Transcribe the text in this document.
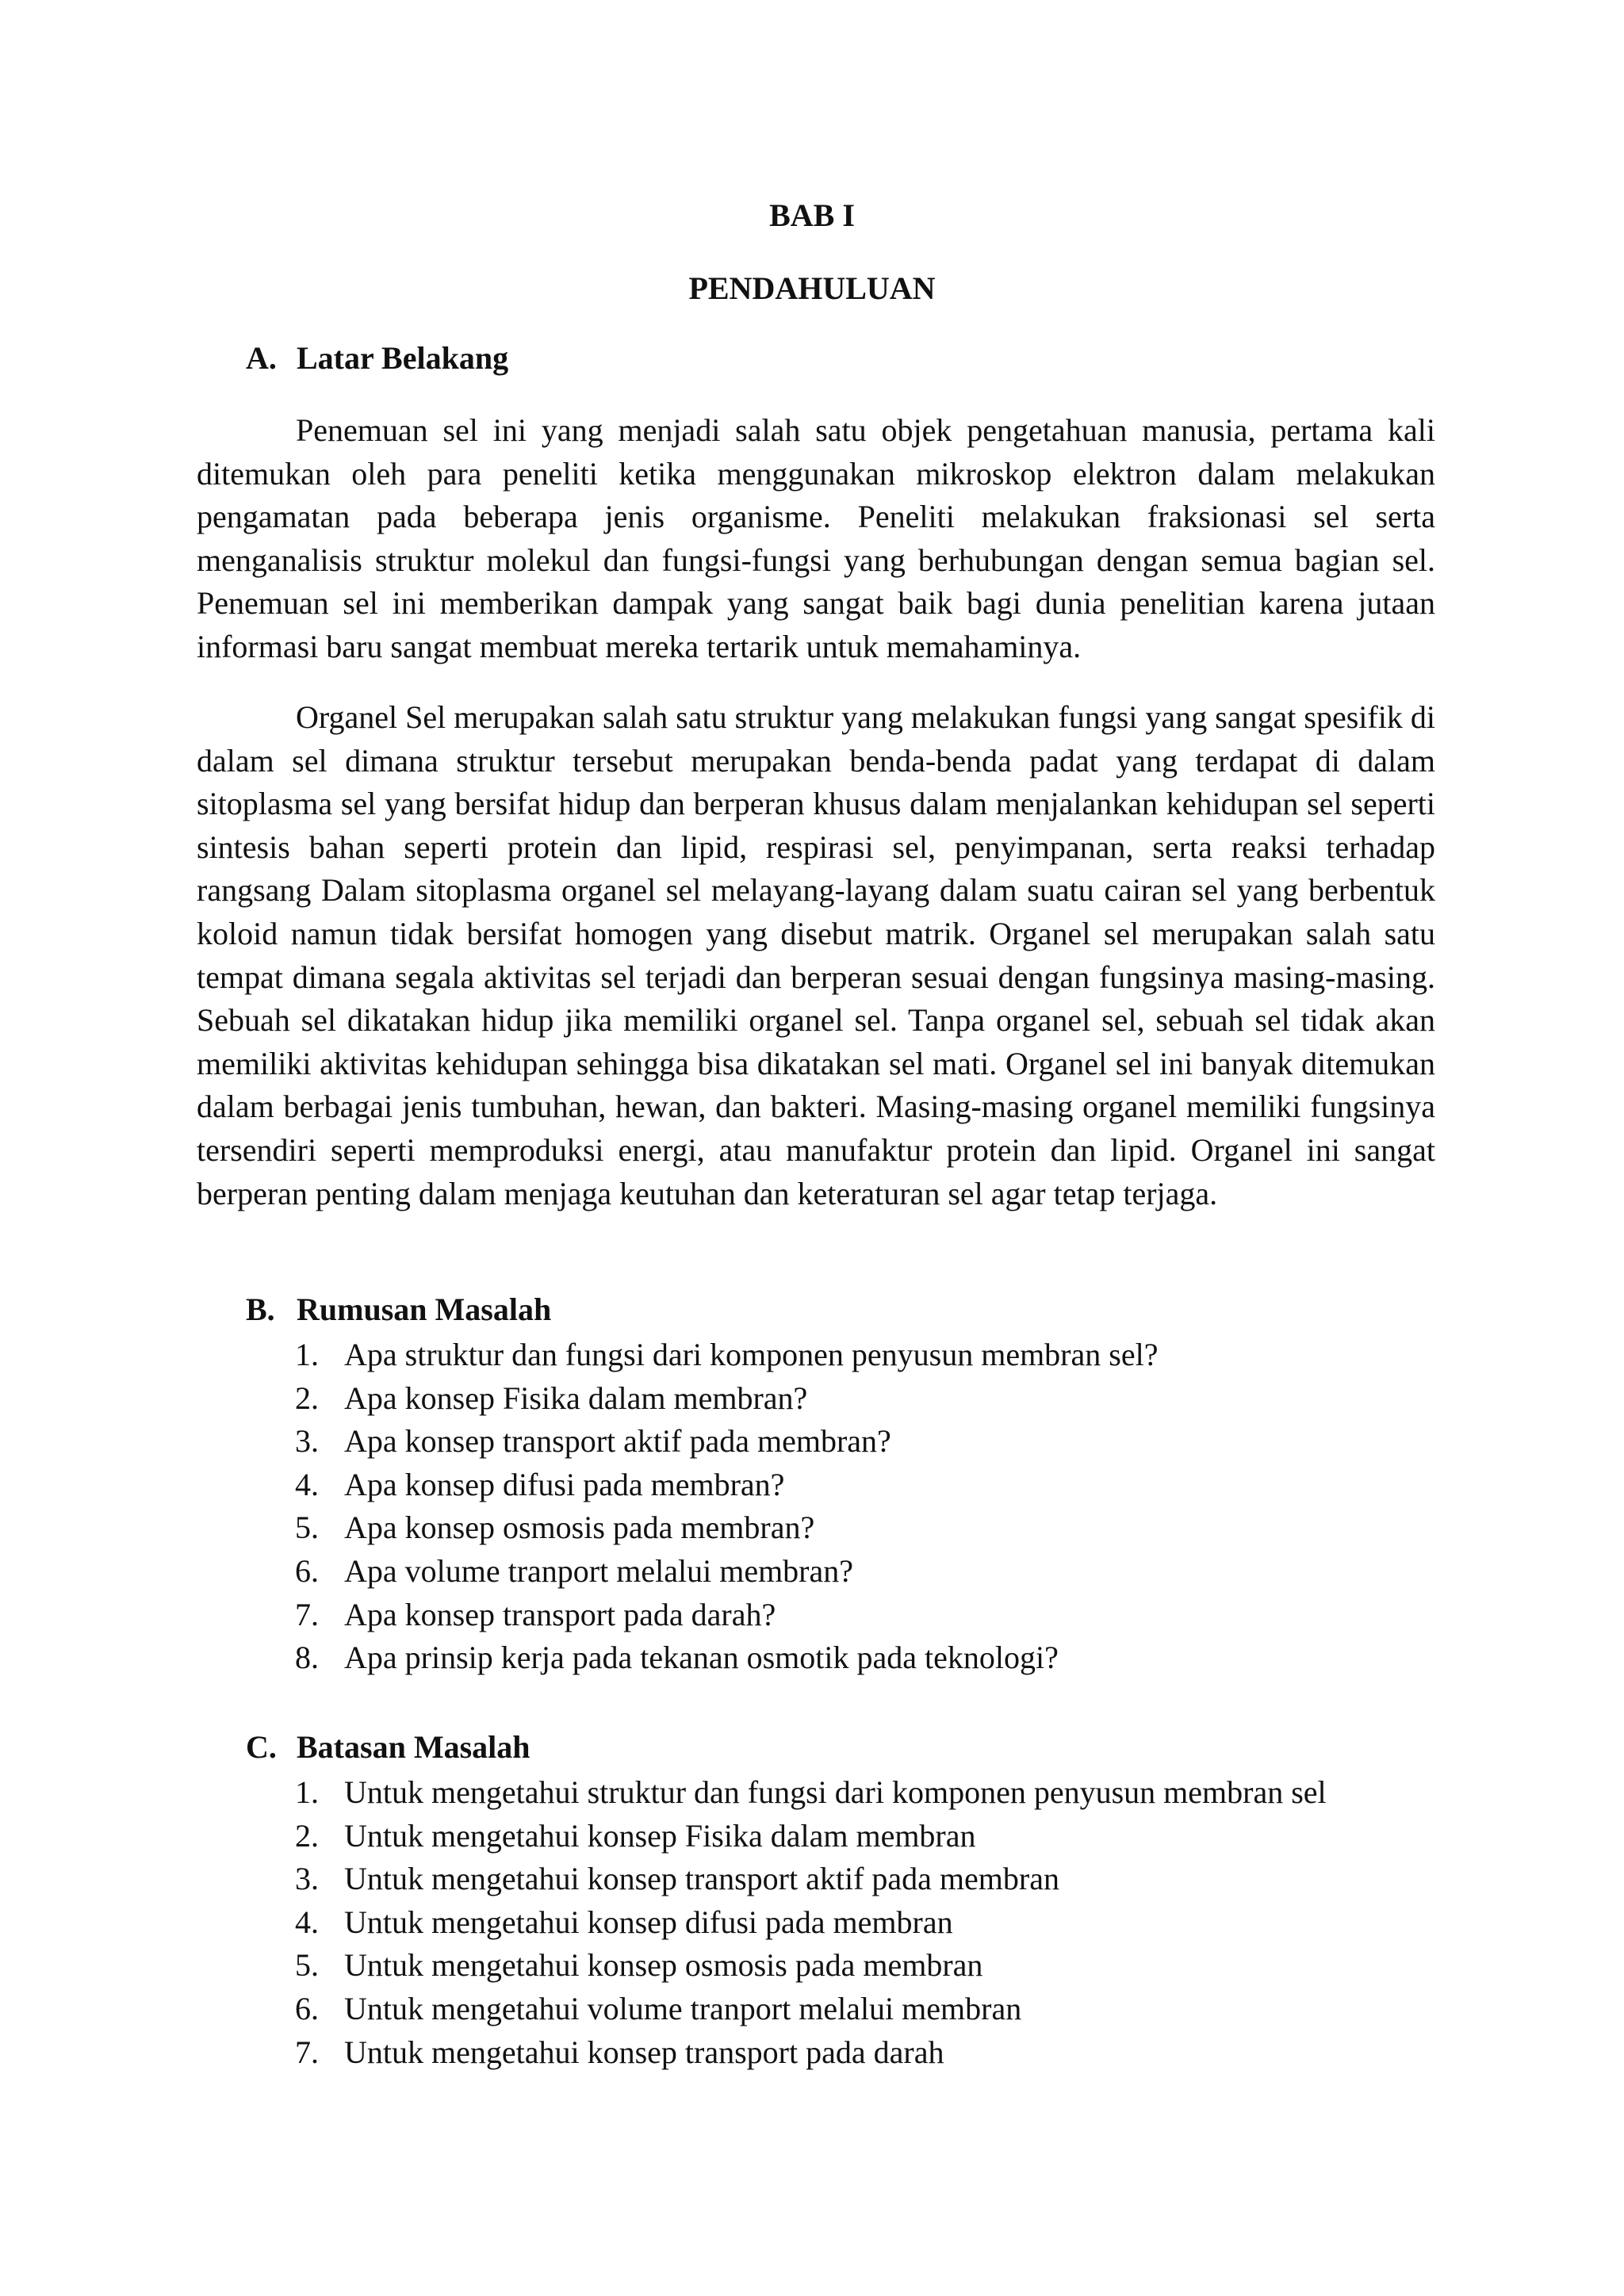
BAB I
PENDAHULUAN
A. Latar Belakang

Penemuan sel ini yang menjadi salah satu objek pengetahuan manusia, pertama kali ditemukan oleh para peneliti ketika menggunakan mikroskop elektron dalam melakukan pengamatan pada beberapa jenis organisme. Peneliti melakukan fraksionasi sel serta menganalisis struktur molekul dan fungsi-fungsi yang berhubungan dengan semua bagian sel. Penemuan sel ini memberikan dampak yang sangat baik bagi dunia penelitian karena jutaan informasi baru sangat membuat mereka tertarik untuk memahaminya.

Organel Sel merupakan salah satu struktur yang melakukan fungsi yang sangat spesifik di dalam sel dimana struktur tersebut merupakan benda-benda padat yang terdapat di dalam sitoplasma sel yang bersifat hidup dan berperan khusus dalam menjalankan kehidupan sel seperti sintesis bahan seperti protein dan lipid, respirasi sel, penyimpanan, serta reaksi terhadap rangsang Dalam sitoplasma organel sel melayang-layang dalam suatu cairan sel yang berbentuk koloid namun tidak bersifat homogen yang disebut matrik. Organel sel merupakan salah satu tempat dimana segala aktivitas sel terjadi dan berperan sesuai dengan fungsinya masing-masing. Sebuah sel dikatakan hidup jika memiliki organel sel. Tanpa organel sel, sebuah sel tidak akan memiliki aktivitas kehidupan sehingga bisa dikatakan sel mati. Organel sel ini banyak ditemukan dalam berbagai jenis tumbuhan, hewan, dan bakteri. Masing-masing organel memiliki fungsinya tersendiri seperti memproduksi energi, atau manufaktur protein dan lipid. Organel ini sangat berperan penting dalam menjaga keutuhan dan keteraturan sel agar tetap terjaga.

B. Rumusan Masalah
1. Apa struktur dan fungsi dari komponen penyusun membran sel?
2. Apa konsep Fisika dalam membran?
3. Apa konsep transport aktif pada membran?
4. Apa konsep difusi pada membran?
5. Apa konsep osmosis pada membran?
6. Apa volume tranport melalui membran?
7. Apa konsep transport pada darah?
8. Apa prinsip kerja pada tekanan osmotik pada teknologi?
C. Batasan Masalah
1. Untuk mengetahui struktur dan fungsi dari komponen penyusun membran sel
2. Untuk mengetahui konsep Fisika dalam membran
3. Untuk mengetahui konsep transport aktif pada membran
4. Untuk mengetahui konsep difusi pada membran
5. Untuk mengetahui konsep osmosis pada membran
6. Untuk mengetahui volume tranport melalui membran
7. Untuk mengetahui konsep transport pada darah
